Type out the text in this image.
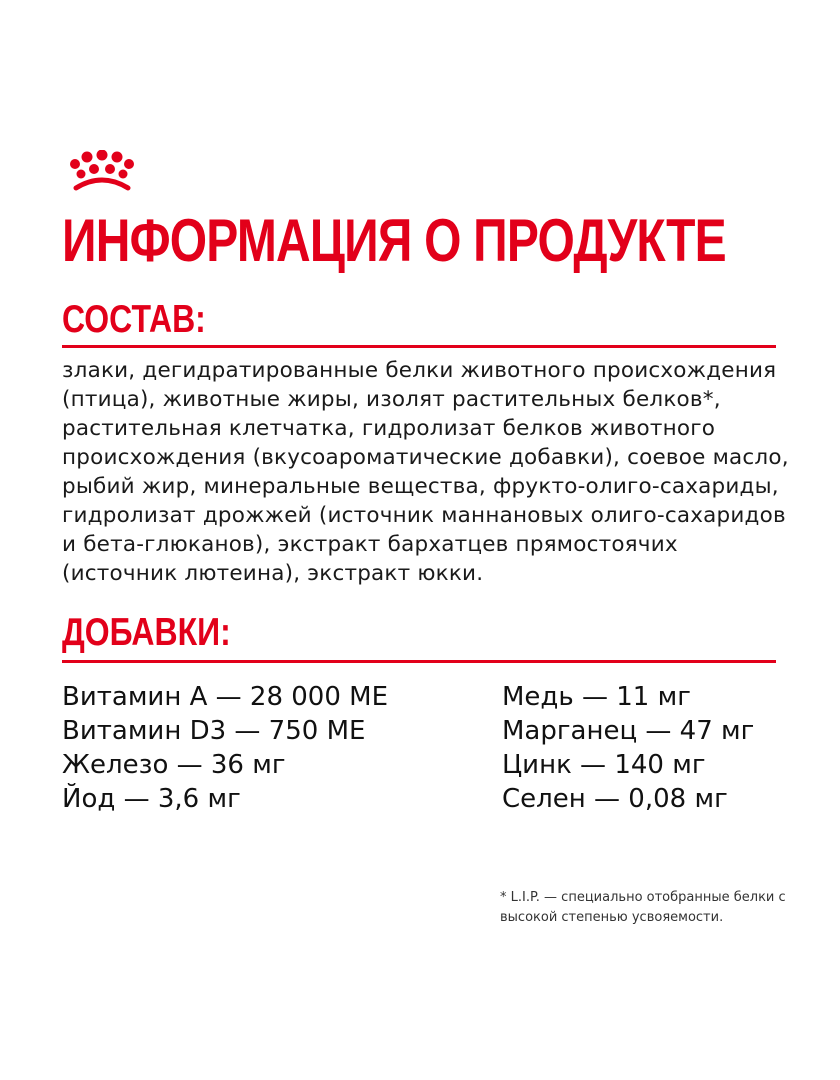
ИНФОРМАЦИЯ О ПРОДУКТЕ
СОСТАВ:

злаки, дегидратированные белки животного происхождения (птица), животные жиры, изолят растительных белков*, растительная клетчатка, гидролизат белков животного происхождения (вкусоароматические добавки), соевое масло, рыбий жир, минеральные вещества, фрукто-олиго-сахариды, гидролизат дрожжей (источник маннановых олиго-сахаридов и бета-глюканов), экстракт бархатцев прямостоячих (источник лютеина), экстракт юкки.

ДОБАВКИ:
Витамин А — 28 000 МЕ
Витамин D3 — 750 МЕ
Железо — 36 мг
Йод — 3,6 мг
Медь — 11 мг
Марганец — 47 мг
Цинк — 140 мг
Селен — 0,08 мг

* L.I.P. — специально отобранные белки с высокой степенью усвояемости.
